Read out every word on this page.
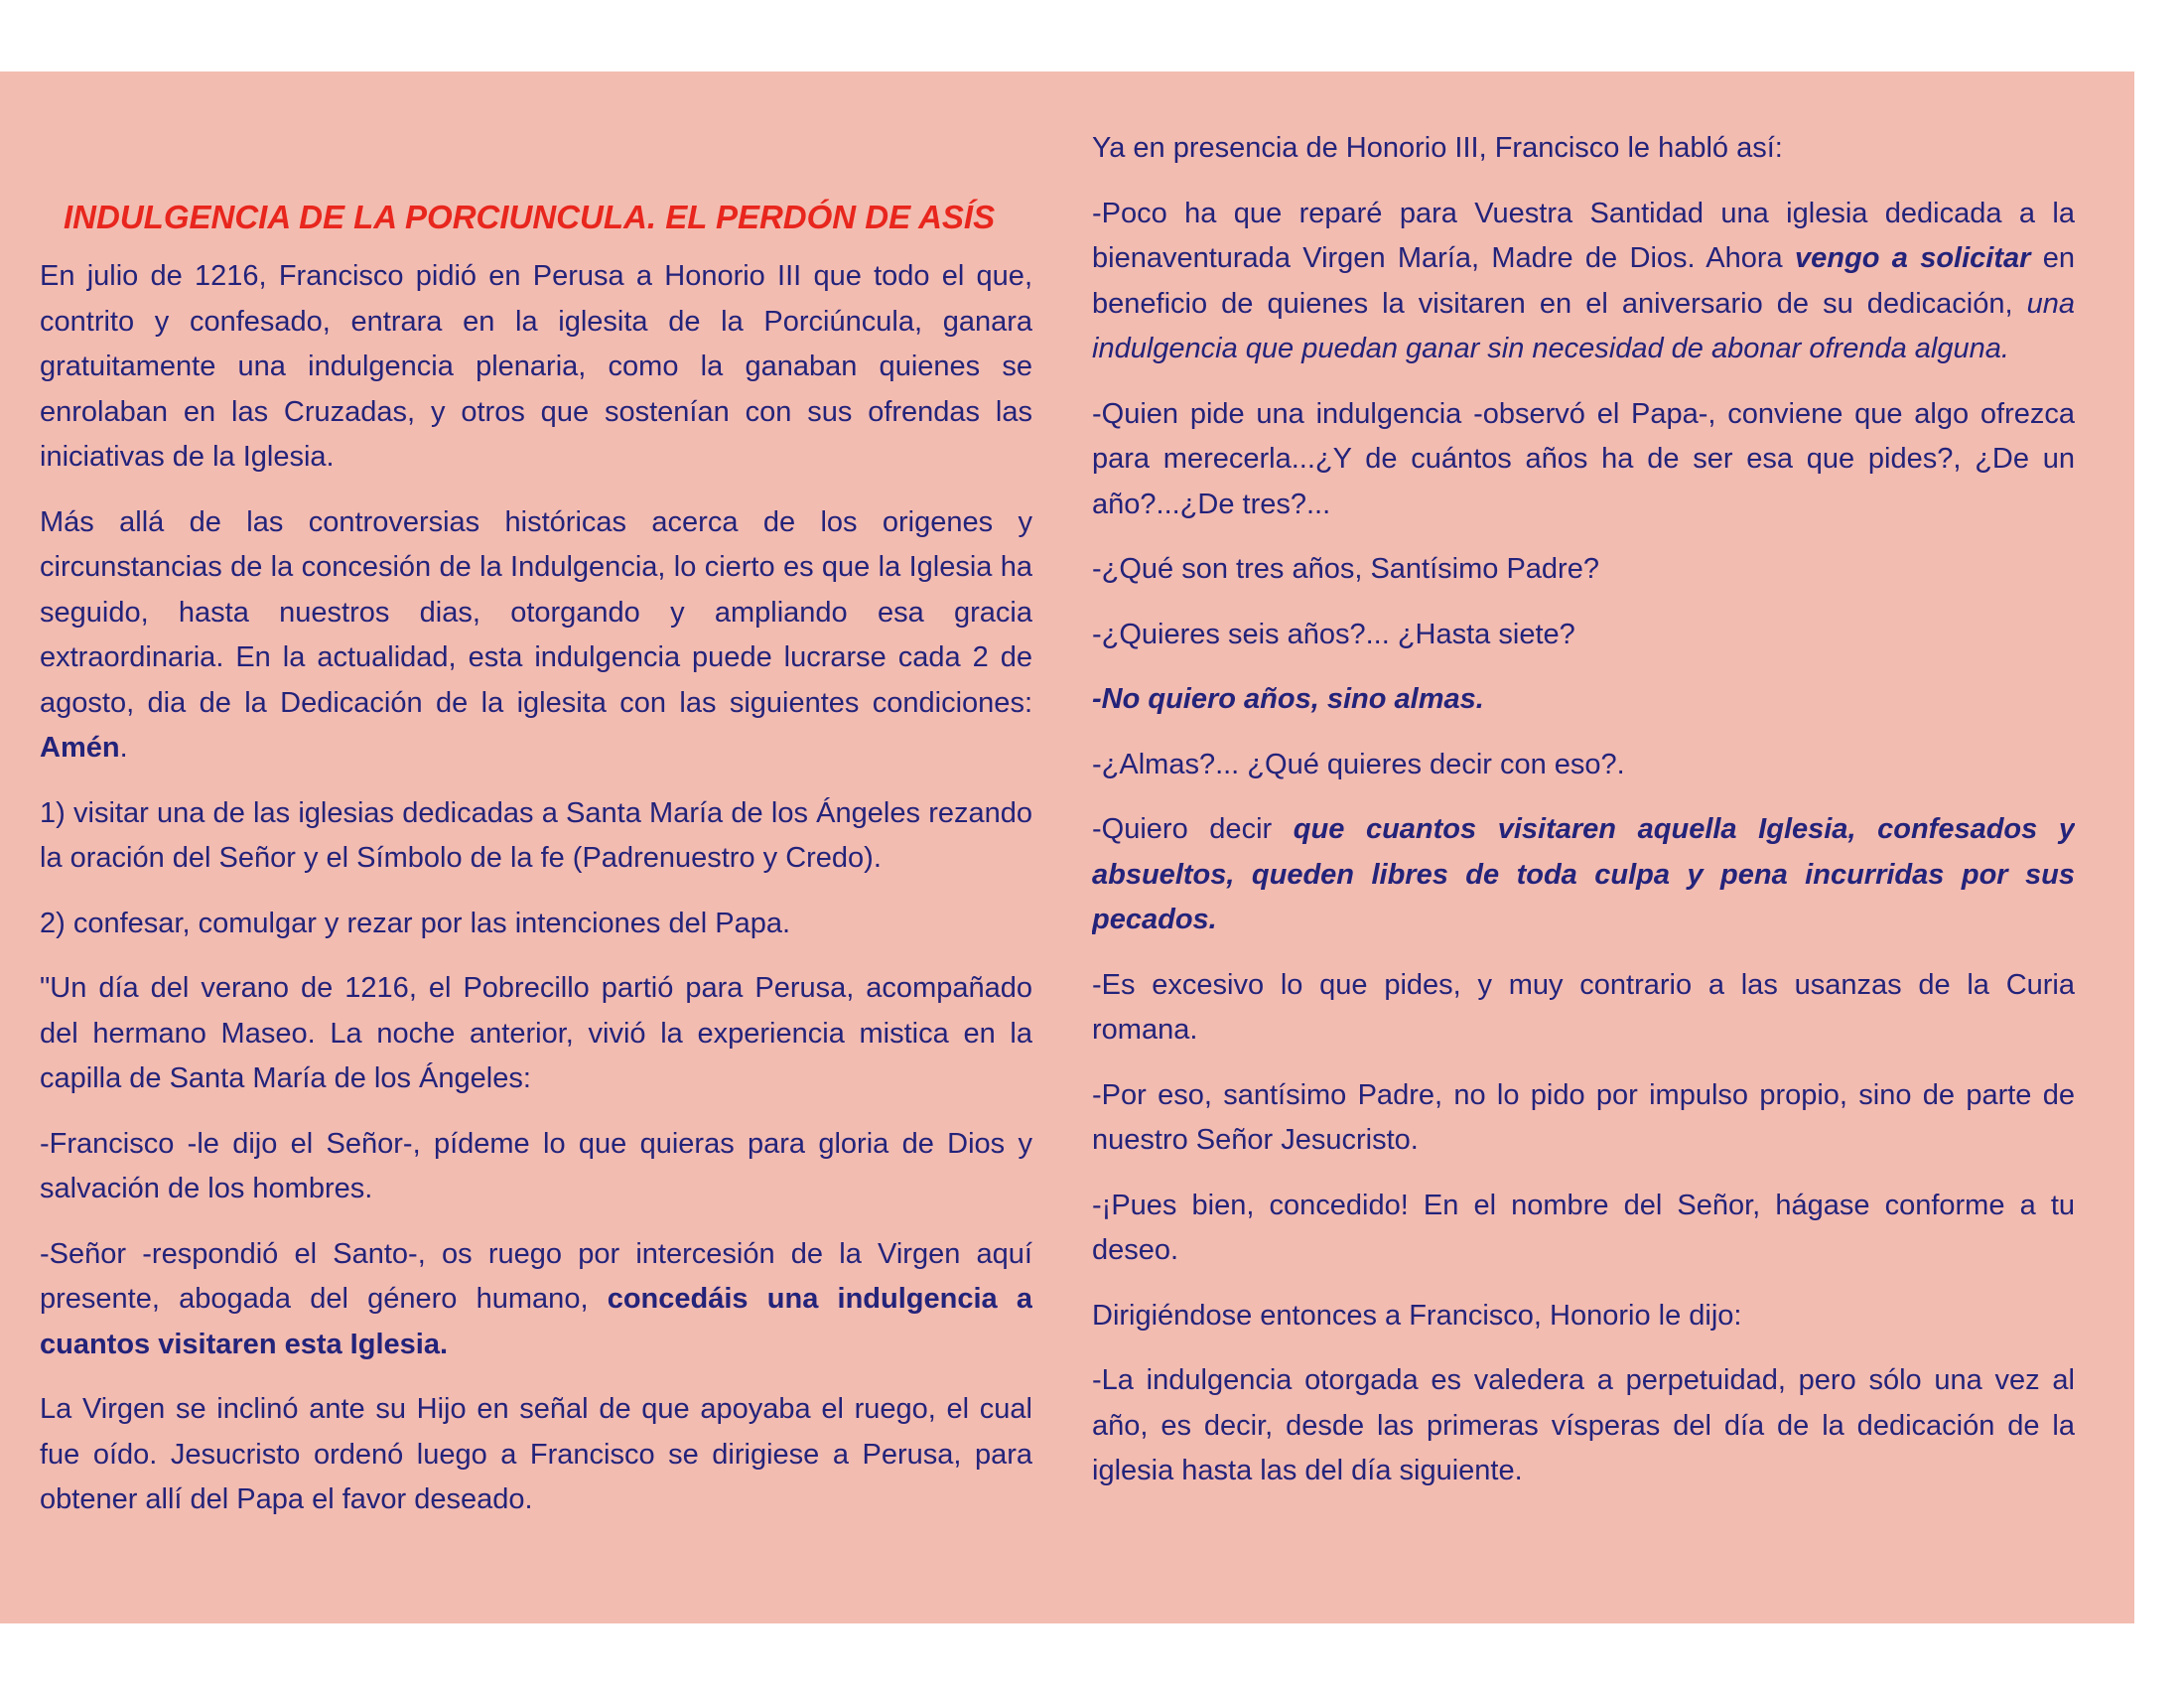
INDULGENCIA DE LA PORCIUNCULA. EL PERDÓN DE ASÍS

En julio de 1216, Francisco pidió en Perusa a Honorio III que todo el que, contrito y confesado, entrara en la iglesita de la Porciúncula, ganara gratuitamente una indulgencia plenaria, como la ganaban quienes se enrolaban en las Cruzadas, y otros que sostenían con sus ofrendas las iniciativas de la Iglesia.

Más allá de las controversias históricas acerca de los origenes y circunstancias de la concesión de la Indulgencia, lo cierto es que la Iglesia ha seguido, hasta nuestros dias, otorgando y ampliando esa gracia extraordinaria. En la actualidad, esta indulgencia puede lucrarse cada 2 de agosto, dia de la Dedicación de la iglesita con las siguientes condiciones: Amén.

1) visitar una de las iglesias dedicadas a Santa María de los Ángeles rezando la oración del Señor y el Símbolo de la fe (Padrenuestro y Credo).

2) confesar, comulgar y rezar por las intenciones del Papa.

"Un día del verano de 1216, el Pobrecillo partió para Perusa, acompañado del hermano Maseo. La noche anterior, vivió la experiencia mistica en la capilla de Santa María de los Ángeles:

-Francisco -le dijo el Señor-, pídeme lo que quieras para gloria de Dios y salvación de los hombres.

-Señor -respondió el Santo-, os ruego por intercesión de la Virgen aquí presente, abogada del género humano, concedáis una indulgencia a cuantos visitaren esta Iglesia.

La Virgen se inclinó ante su Hijo en señal de que apoyaba el ruego, el cual fue oído. Jesucristo ordenó luego a Francisco se dirigiese a Perusa, para obtener allí del Papa el favor deseado.

Ya en presencia de Honorio III, Francisco le habló así:

-Poco ha que reparé para Vuestra Santidad una iglesia dedicada a la bienaventurada Virgen María, Madre de Dios. Ahora vengo a solicitar en beneficio de quienes la visitaren en el aniversario de su dedicación, una indulgencia que puedan ganar sin necesidad de abonar ofrenda alguna.

-Quien pide una indulgencia -observó el Papa-, conviene que algo ofrezca para merecerla...¿Y de cuántos años ha de ser esa que pides?, ¿De un año?...¿De tres?...

-¿Qué son tres años, Santísimo Padre?

-¿Quieres seis años?... ¿Hasta siete?

-No quiero años, sino almas.

-¿Almas?... ¿Qué quieres decir con eso?.

-Quiero decir que cuantos visitaren aquella Iglesia, confesados y absueltos, queden libres de toda culpa y pena incurridas por sus pecados.

-Es excesivo lo que pides, y muy contrario a las usanzas de la Curia romana.

-Por eso, santísimo Padre, no lo pido por impulso propio, sino de parte de nuestro Señor Jesucristo.

-¡Pues bien, concedido! En el nombre del Señor, hágase conforme a tu deseo.

Dirigiéndose entonces a Francisco, Honorio le dijo:

-La indulgencia otorgada es valedera a perpetuidad, pero sólo una vez al año, es decir, desde las primeras vísperas del día de la dedicación de la iglesia hasta las del día siguiente.
